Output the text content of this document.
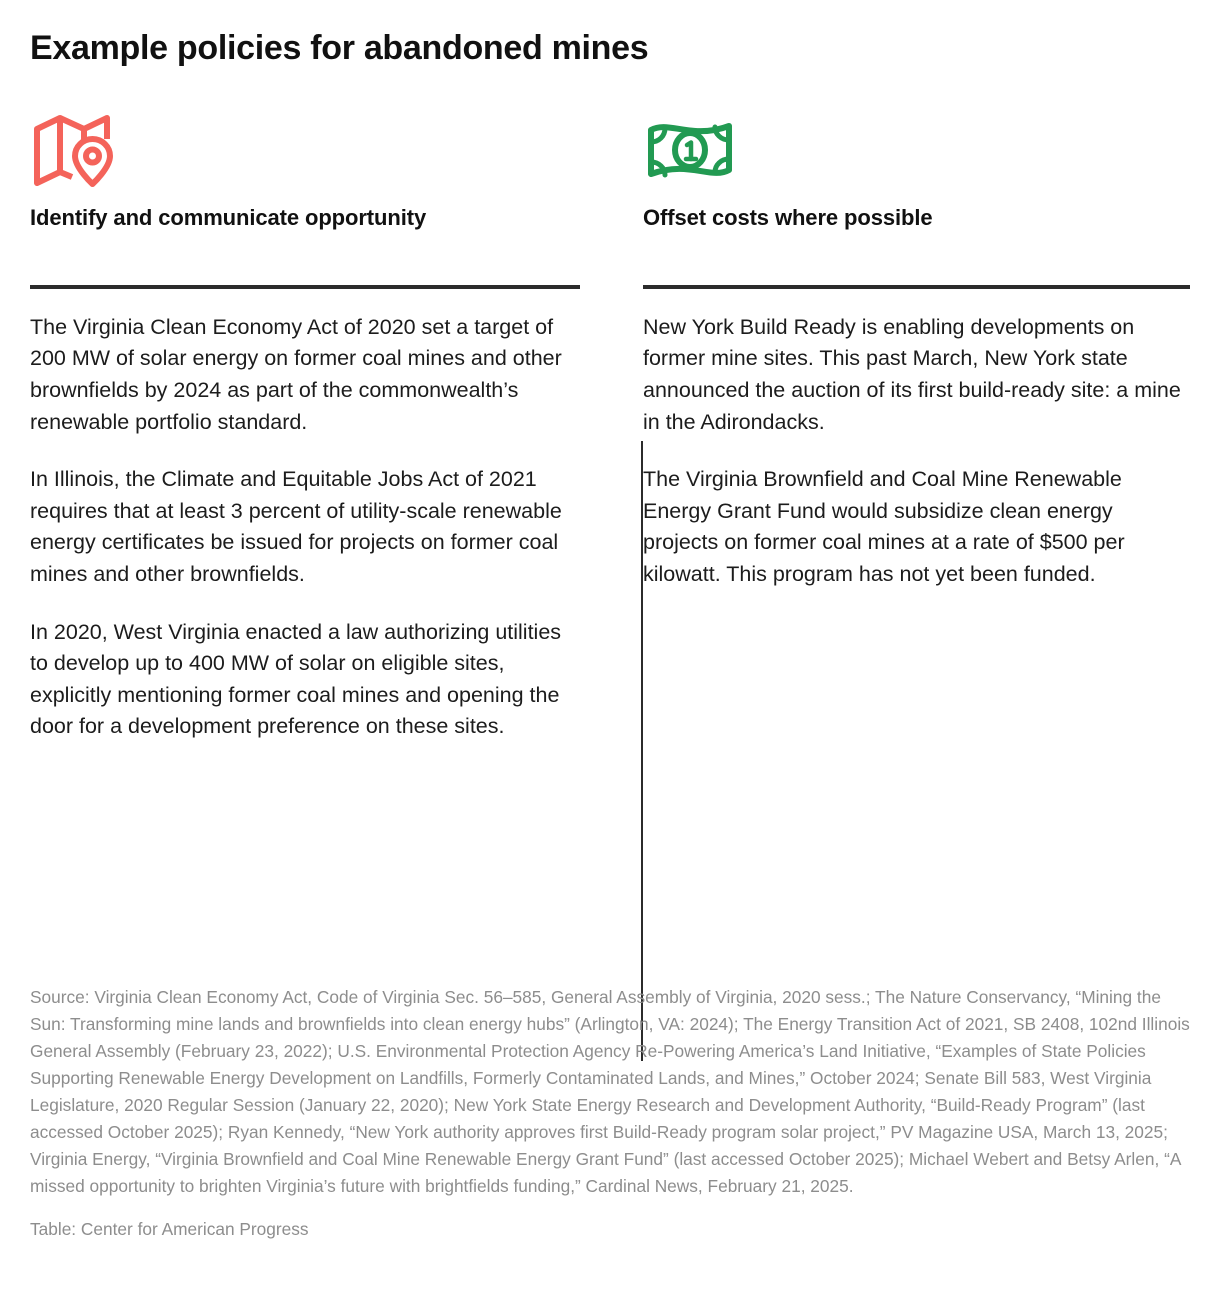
Example policies for abandoned mines
Identify and communicate opportunity

The Virginia Clean Economy Act of 2020 set a target of 200 MW of solar energy on former coal mines and other brownfields by 2024 as part of the commonwealth’s renewable portfolio standard.

In Illinois, the Climate and Equitable Jobs Act of 2021 requires that at least 3 percent of utility-scale renewable energy certificates be issued for projects on former coal mines and other brownfields.

In 2020, West Virginia enacted a law authorizing utilities to develop up to 400 MW of solar on eligible sites, explicitly mentioning former coal mines and opening the door for a development preference on these sites.

Offset costs where possible

New York Build Ready is enabling developments on former mine sites. This past March, New York state announced the auction of its first build-ready site: a mine in the Adirondacks.

The Virginia Brownfield and Coal Mine Renewable Energy Grant Fund would subsidize clean energy projects on former coal mines at a rate of $500 per kilowatt. This program has not yet been funded.

Source: Virginia Clean Economy Act, Code of Virginia Sec. 56–585, General Assembly of Virginia, 2020 sess.; The Nature Conservancy, “Mining the Sun: Transforming mine lands and brownfields into clean energy hubs” (Arlington, VA: 2024); The Energy Transition Act of 2021, SB 2408, 102nd Illinois General Assembly (February 23, 2022); U.S. Environmental Protection Agency Re-Powering America’s Land Initiative, “Examples of State Policies Supporting Renewable Energy Development on Landfills, Formerly Contaminated Lands, and Mines,” October 2024; Senate Bill 583, West Virginia Legislature, 2020 Regular Session (January 22, 2020); New York State Energy Research and Development Authority, “Build-Ready Program” (last accessed October 2025); Ryan Kennedy, “New York authority approves first Build-Ready program solar project,” PV Magazine USA, March 13, 2025; Virginia Energy, “Virginia Brownfield and Coal Mine Renewable Energy Grant Fund” (last accessed October 2025); Michael Webert and Betsy Arlen, “A missed opportunity to brighten Virginia’s future with brightfields funding,” Cardinal News, February 21, 2025.
Table: Center for American Progress
